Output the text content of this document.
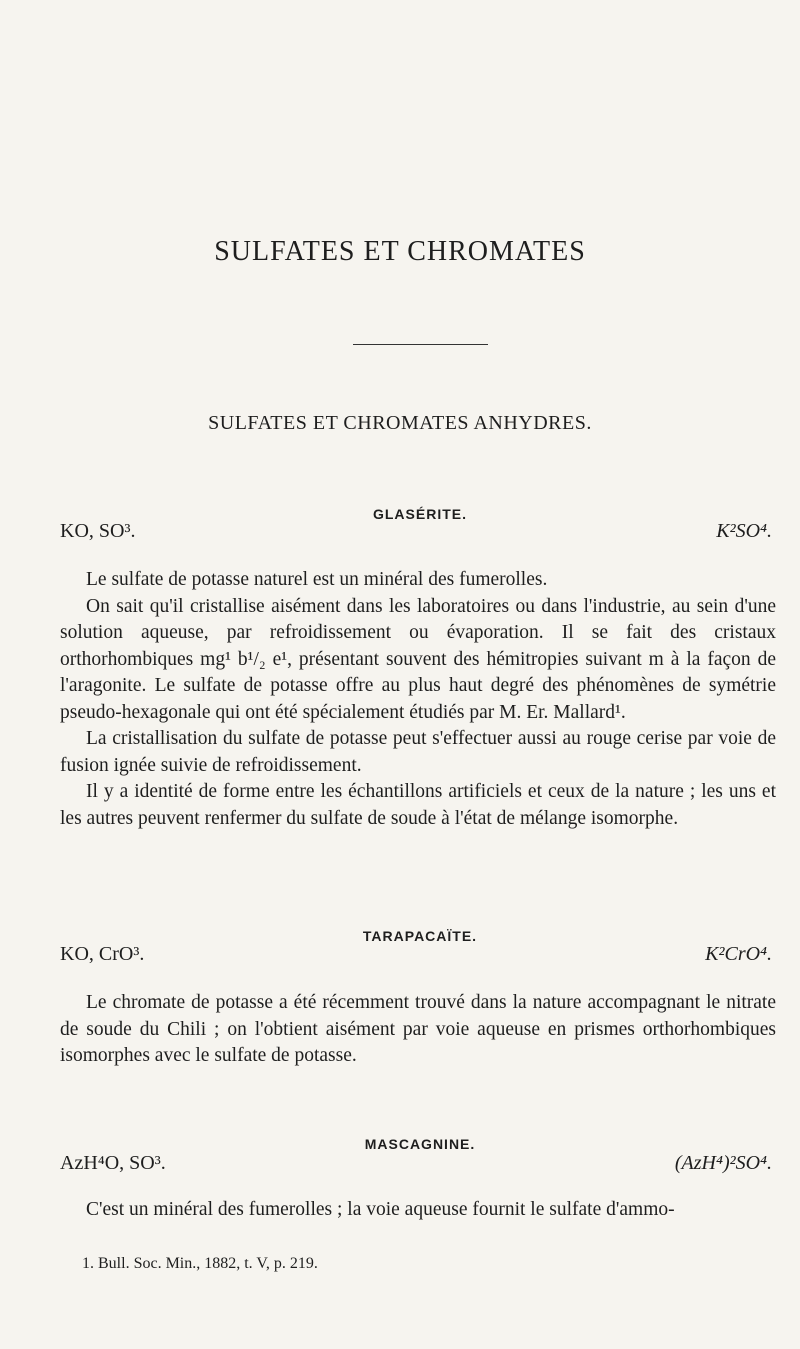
SULFATES ET CHROMATES
SULFATES ET CHROMATES ANHYDRES.
GLASÉRITE.
KO, SO³.	K²SO⁴.

Le sulfate de potasse naturel est un minéral des fumerolles.

On sait qu'il cristallise aisément dans les laboratoires ou dans l'industrie, au sein d'une solution aqueuse, par refroidissement ou évaporation. Il se fait des cristaux orthorhombiques mg¹ b¹/₂ e¹, présentant souvent des hémitropies suivant m à la façon de l'aragonite. Le sulfate de potasse offre au plus haut degré des phénomènes de symétrie pseudo-hexagonale qui ont été spécialement étudiés par M. Er. Mallard¹.

La cristallisation du sulfate de potasse peut s'effectuer aussi au rouge cerise par voie de fusion ignée suivie de refroidissement.

Il y a identité de forme entre les échantillons artificiels et ceux de la nature ; les uns et les autres peuvent renfermer du sulfate de soude à l'état de mélange isomorphe.

TARAPACAÏTE.
KO, CrO³.	K²CrO⁴.

Le chromate de potasse a été récemment trouvé dans la nature accompagnant le nitrate de soude du Chili ; on l'obtient aisément par voie aqueuse en prismes orthorhombiques isomorphes avec le sulfate de potasse.

MASCAGNINE.
AzH⁴O, SO³.	(AzH⁴)²SO⁴.

C'est un minéral des fumerolles ; la voie aqueuse fournit le sulfate d'ammo-

1. Bull. Soc. Min., 1882, t. V, p. 219.
